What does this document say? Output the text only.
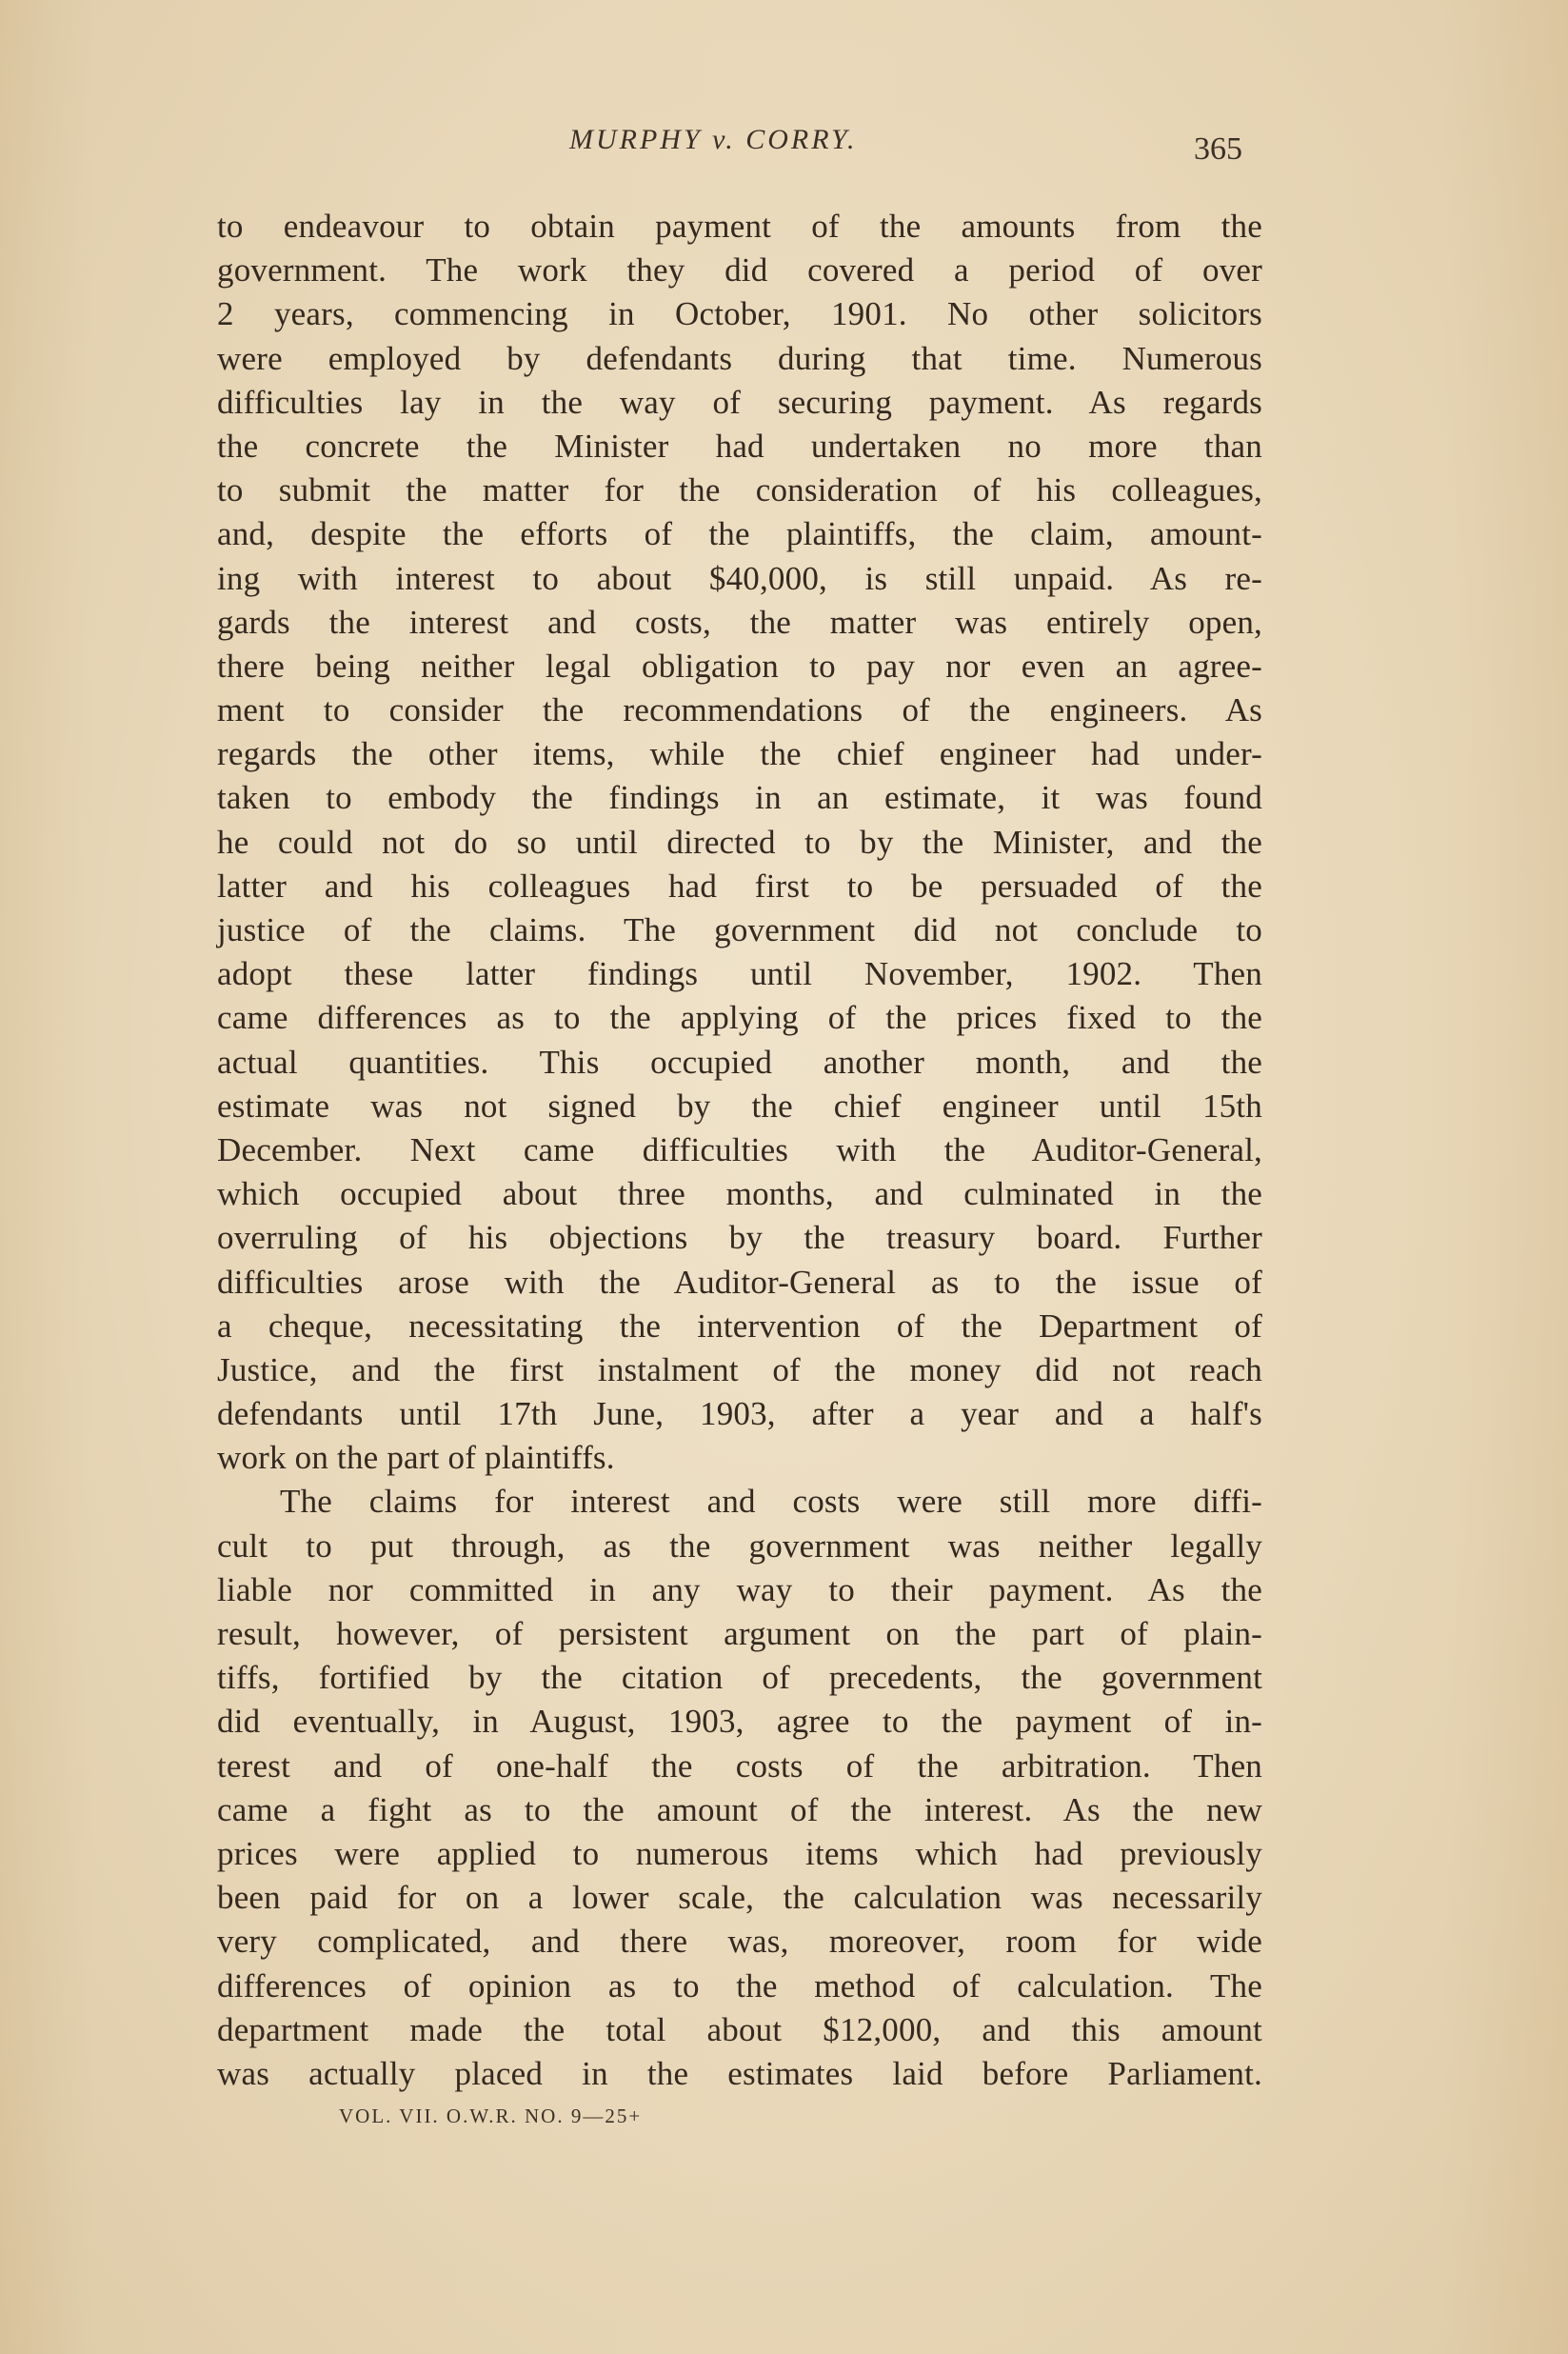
MURPHY v. CORRY.	365
to endeavour to obtain payment of the amounts from the
government. The work they did covered a period of over
2 years, commencing in October, 1901. No other solicitors
were employed by defendants during that time. Numerous
difficulties lay in the way of securing payment. As regards
the concrete the Minister had undertaken no more than
to submit the matter for the consideration of his colleagues,
and, despite the efforts of the plaintiffs, the claim, amount-
ing with interest to about $40,000, is still unpaid. As re-
gards the interest and costs, the matter was entirely open,
there being neither legal obligation to pay nor even an agree-
ment to consider the recommendations of the engineers. As
regards the other items, while the chief engineer had under-
taken to embody the findings in an estimate, it was found
he could not do so until directed to by the Minister, and the
latter and his colleagues had first to be persuaded of the
justice of the claims. The government did not conclude to
adopt these latter findings until November, 1902. Then
came differences as to the applying of the prices fixed to the
actual quantities. This occupied another month, and the
estimate was not signed by the chief engineer until 15th
December. Next came difficulties with the Auditor-General,
which occupied about three months, and culminated in the
overruling of his objections by the treasury board. Further
difficulties arose with the Auditor-General as to the issue of
a cheque, necessitating the intervention of the Department of
Justice, and the first instalment of the money did not reach
defendants until 17th June, 1903, after a year and a half's
work on the part of plaintiffs.
The claims for interest and costs were still more diffi-
cult to put through, as the government was neither legally
liable nor committed in any way to their payment. As the
result, however, of persistent argument on the part of plain-
tiffs, fortified by the citation of precedents, the government
did eventually, in August, 1903, agree to the payment of in-
terest and of one-half the costs of the arbitration. Then
came a fight as to the amount of the interest. As the new
prices were applied to numerous items which had previously
been paid for on a lower scale, the calculation was necessarily
very complicated, and there was, moreover, room for wide
differences of opinion as to the method of calculation. The
department made the total about $12,000, and this amount
was actually placed in the estimates laid before Parliament.
VOL. VII. O.W.R. NO. 9—25+
